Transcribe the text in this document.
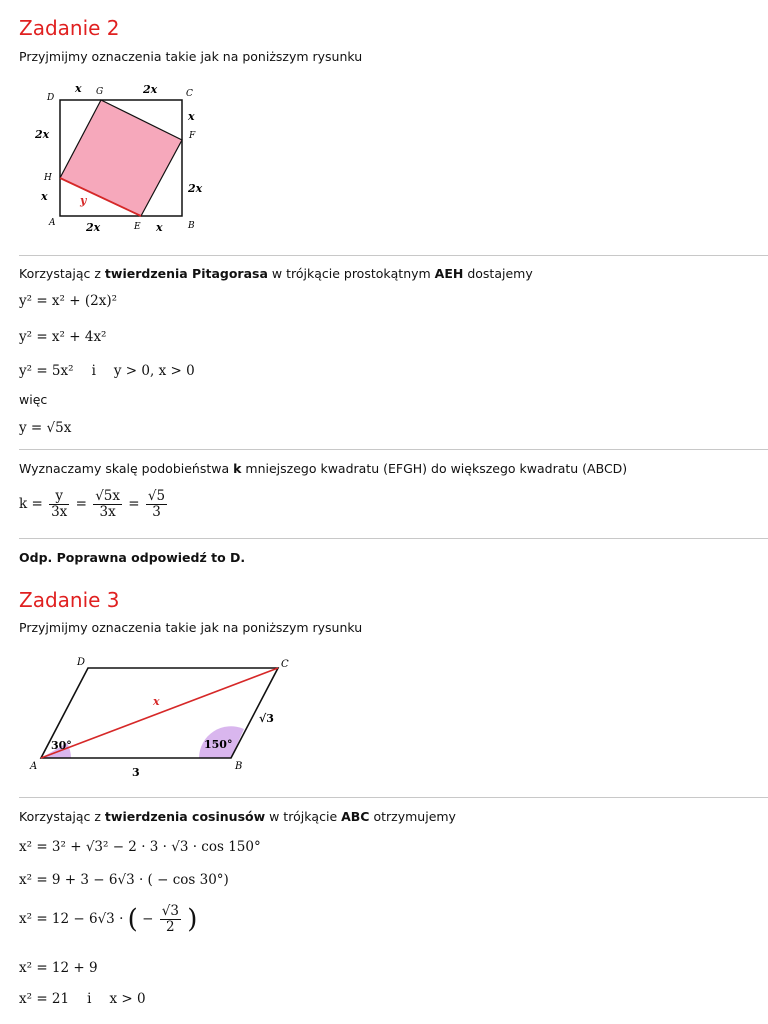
Zadanie 2
Przyjmijmy oznaczenia takie jak na poniższym rysunku
D
G	C
F
H
A	E	B
x	2x
x
2x
2x
x
2x	x
y
Korzystając z twierdzenia Pitagorasa w trójkącie prostokątnym AEH dostajemy
y² = x² + (2x)²
y² = x² + 4x²
y² = 5x² i y > 0, x > 0
więc
y = √5x
Wyznaczamy skalę podobieństwa k mniejszego kwadratu (EFGH) do większego kwadratu (ABCD)
$k = \frac{y}{3x} = \frac{√5x}{3x} = \frac{√5}{3}$
Odp. Poprawna odpowiedź to D.
Zadanie 3
Przyjmijmy oznaczenia takie jak na poniższym rysunku
D	C
A	B
x
√3
3
30°	150°
Korzystając z twierdzenia cosinusów w trójkącie ABC otrzymujemy
x² = 3² + √3² − 2 · 3 · √3 · cos 150°
x² = 9 + 3 − 6√3 · ( − cos 30°)
x² = 12 − 6√3 · ( − $\frac{√3}{2}$ )
x² = 12 + 9
x² = 21 i x > 0
